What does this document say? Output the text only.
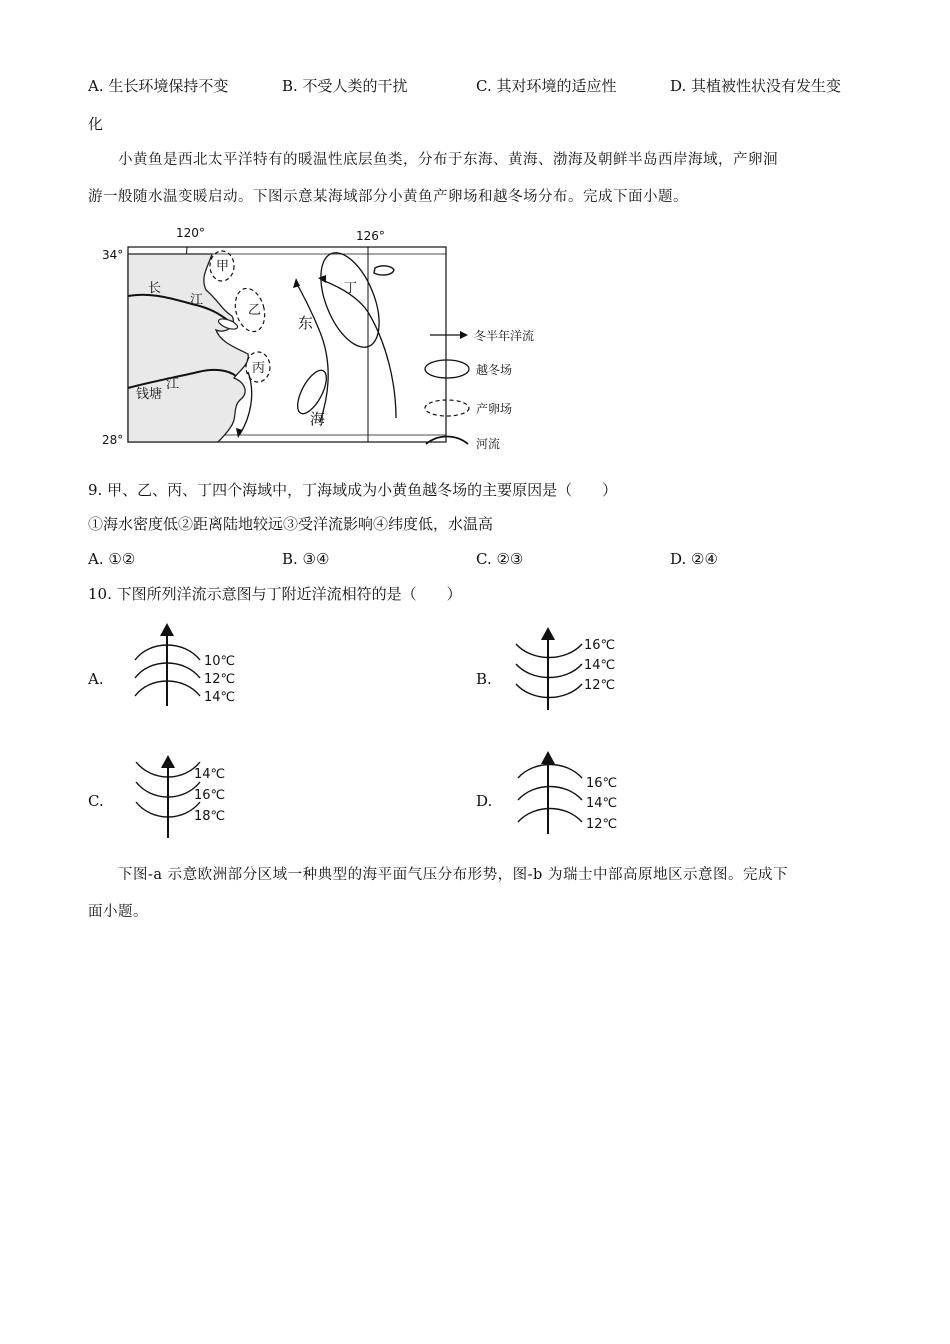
A. 生长环境保持不变	B. 不受人类的干扰	C. 其对环境的适应性	D. 其植被性状没有发生变
化
小黄鱼是西北太平洋特有的暖温性底层鱼类，分布于东海、黄海、渤海及朝鲜半岛西岸海域，产卵洄
游一般随水温变暖启动。下图示意某海域部分小黄鱼产卵场和越冬场分布。完成下面小题。
120°	126°
34°
28°
甲
乙
丙
丁
长
江
钱塘
江
东
海
冬半年洋流
越冬场
产卵场
河流
9. 甲、乙、丙、丁四个海域中，丁海域成为小黄鱼越冬场的主要原因是（　　）
①海水密度低②距离陆地较远③受洋流影响④纬度低，水温高
A. ①②	B. ③④	C. ②③	D. ②④
10. 下图所列洋流示意图与丁附近洋流相符的是（　　）
A.
10℃
12℃
14℃
B.
16℃
14℃
12℃
C.
14℃
16℃
18℃
D.
16℃
14℃
12℃
下图-a 示意欧洲部分区域一种典型的海平面气压分布形势，图-b 为瑞士中部高原地区示意图。完成下
面小题。
